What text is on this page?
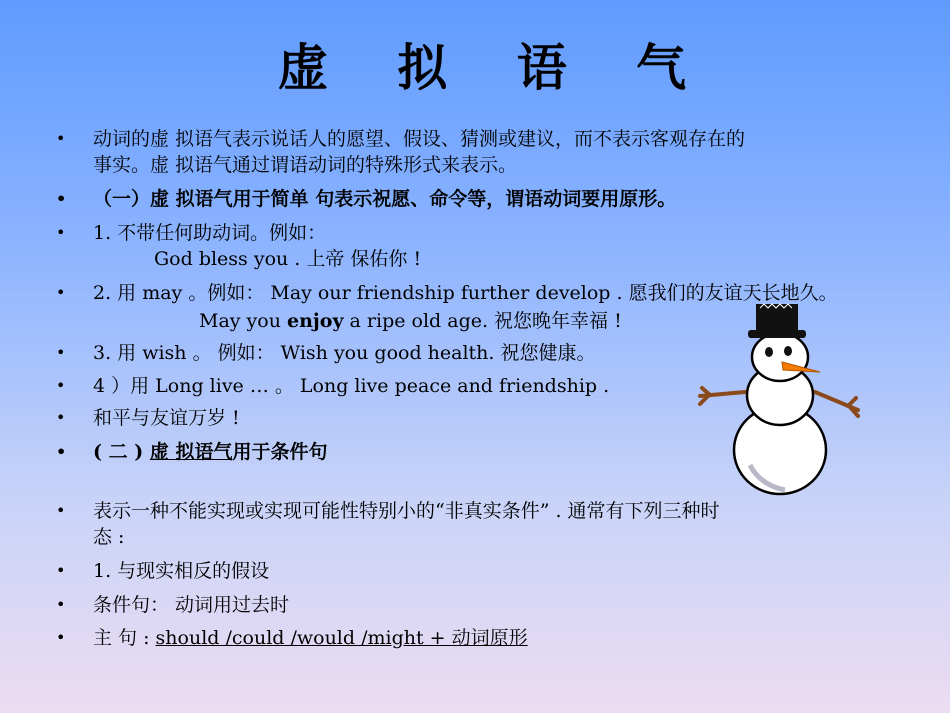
虚 拟 语 气
• 动词的虚 拟语气表示说话人的愿望、假设、猜测或建议，而不表示客观存在的
事实。虚 拟语气通过谓语动词的特殊形式来表示。
• （一）虚 拟语气用于简单 句表示祝愿、命令等，谓语动词要用原形。
• 1. 不带任何助动词。例如：
God bless you . 上帝 保佑你 !
• 2. 用 may 。例如： May our friendship further develop . 愿我们的友谊天长地久。
May you enjoy a ripe old age. 祝您晚年幸福 !
• 3. 用 wish 。 例如： Wish you good health. 祝您健康。
• 4 ）用 Long live … 。 Long live peace and friendship .
• 和平与友谊万岁 !
• ( 二 ) 虚 拟语气用于条件句
• 表示一种不能实现或实现可能性特别小的“非真实条件” . 通常有下列三种时
态 :
• 1. 与现实相反的假设
• 条件句： 动词用过去时
• 主 句 : should /could /would /might + 动词原形
